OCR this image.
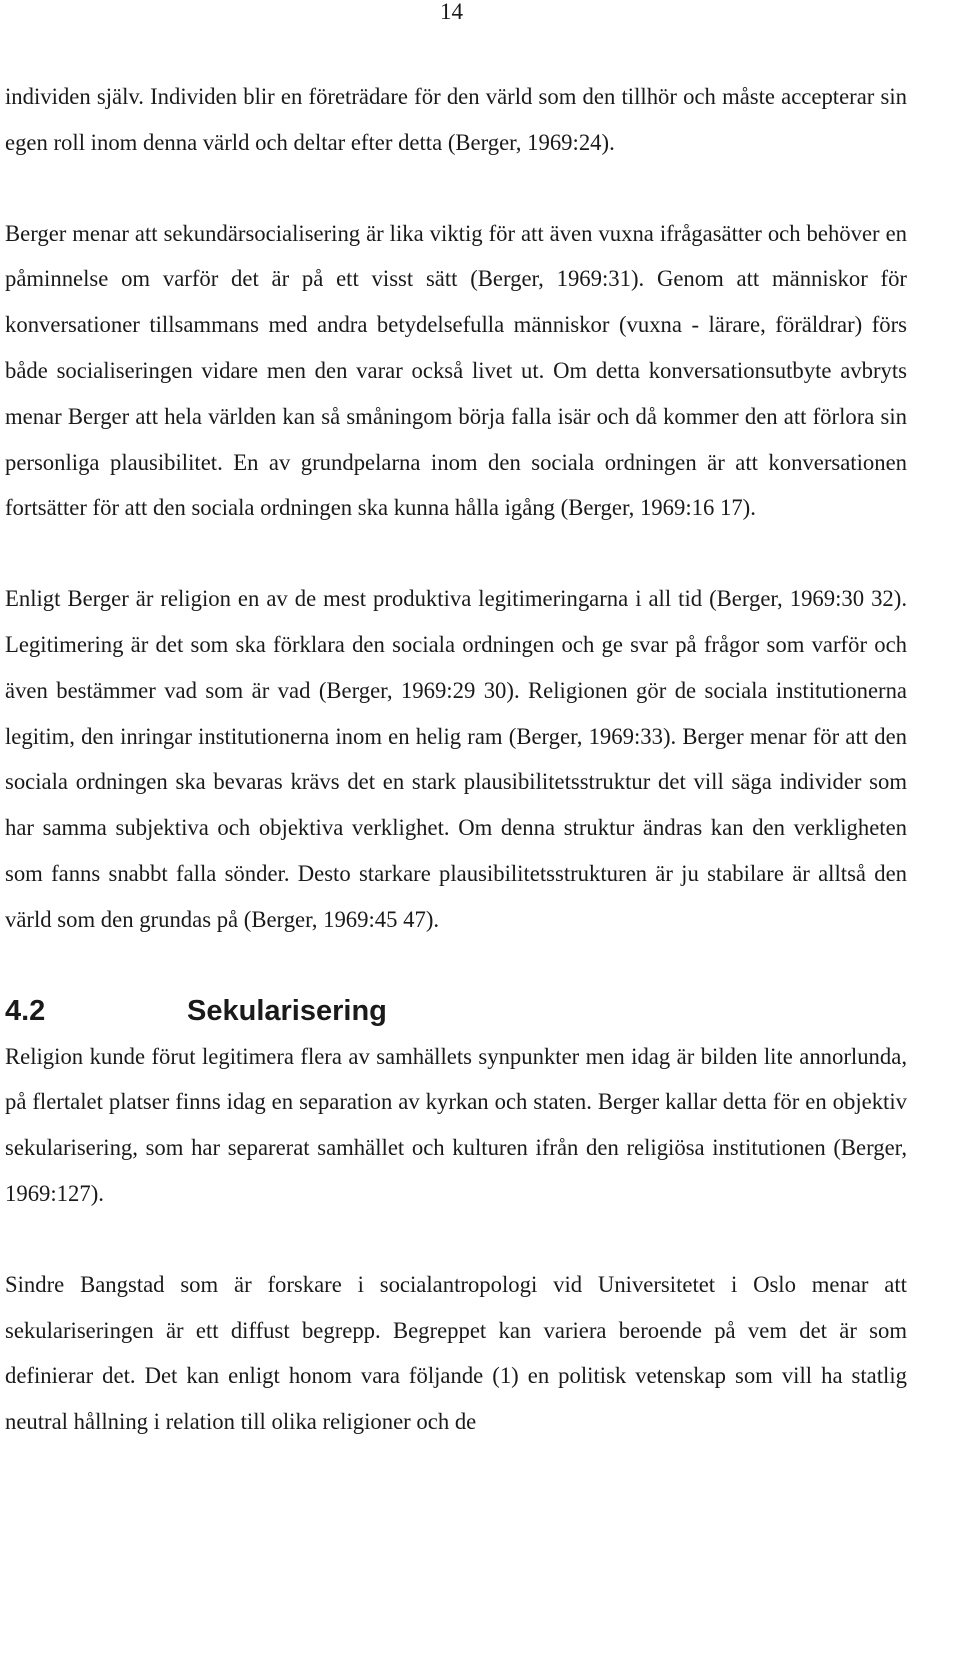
14

individen själv. Individen blir en företrädare för den värld som den tillhör och måste accepterar sin egen roll inom denna värld och deltar efter detta (Berger, 1969:24).

Berger menar att sekundärsocialisering är lika viktig för att även vuxna ifrågasätter och behöver en påminnelse om varför det är på ett visst sätt (Berger, 1969:31). Genom att människor för konversationer tillsammans med andra betydelsefulla människor (vuxna - lärare, föräldrar) förs både socialiseringen vidare men den varar också livet ut. Om detta konversationsutbyte avbryts menar Berger att hela världen kan så småningom börja falla isär och då kommer den att förlora sin personliga plausibilitet. En av grundpelarna inom den sociala ordningen är att konversationen fortsätter för att den sociala ordningen ska kunna hålla igång (Berger, 1969:16 17).

Enligt Berger är religion en av de mest produktiva legitimeringarna i all tid (Berger, 1969:30 32). Legitimering är det som ska förklara den sociala ordningen och ge svar på frågor som varför och även bestämmer vad som är vad (Berger, 1969:29 30). Religionen gör de sociala institutionerna legitim, den inringar institutionerna inom en helig ram (Berger, 1969:33). Berger menar för att den sociala ordningen ska bevaras krävs det en stark plausibilitetsstruktur det vill säga individer som har samma subjektiva och objektiva verklighet. Om denna struktur ändras kan den verkligheten som fanns snabbt falla sönder. Desto starkare plausibilitetsstrukturen är ju stabilare är alltså den värld som den grundas på (Berger, 1969:45 47).

4.2	Sekularisering

Religion kunde förut legitimera flera av samhällets synpunkter men idag är bilden lite annorlunda, på flertalet platser finns idag en separation av kyrkan och staten. Berger kallar detta för en objektiv sekularisering, som har separerat samhället och kulturen ifrån den religiösa institutionen (Berger, 1969:127).

Sindre Bangstad som är forskare i socialantropologi vid Universitetet i Oslo menar att sekulariseringen är ett diffust begrepp. Begreppet kan variera beroende på vem det är som definierar det. Det kan enligt honom vara följande (1) en politisk vetenskap som vill ha statlig neutral hållning i relation till olika religioner och de
